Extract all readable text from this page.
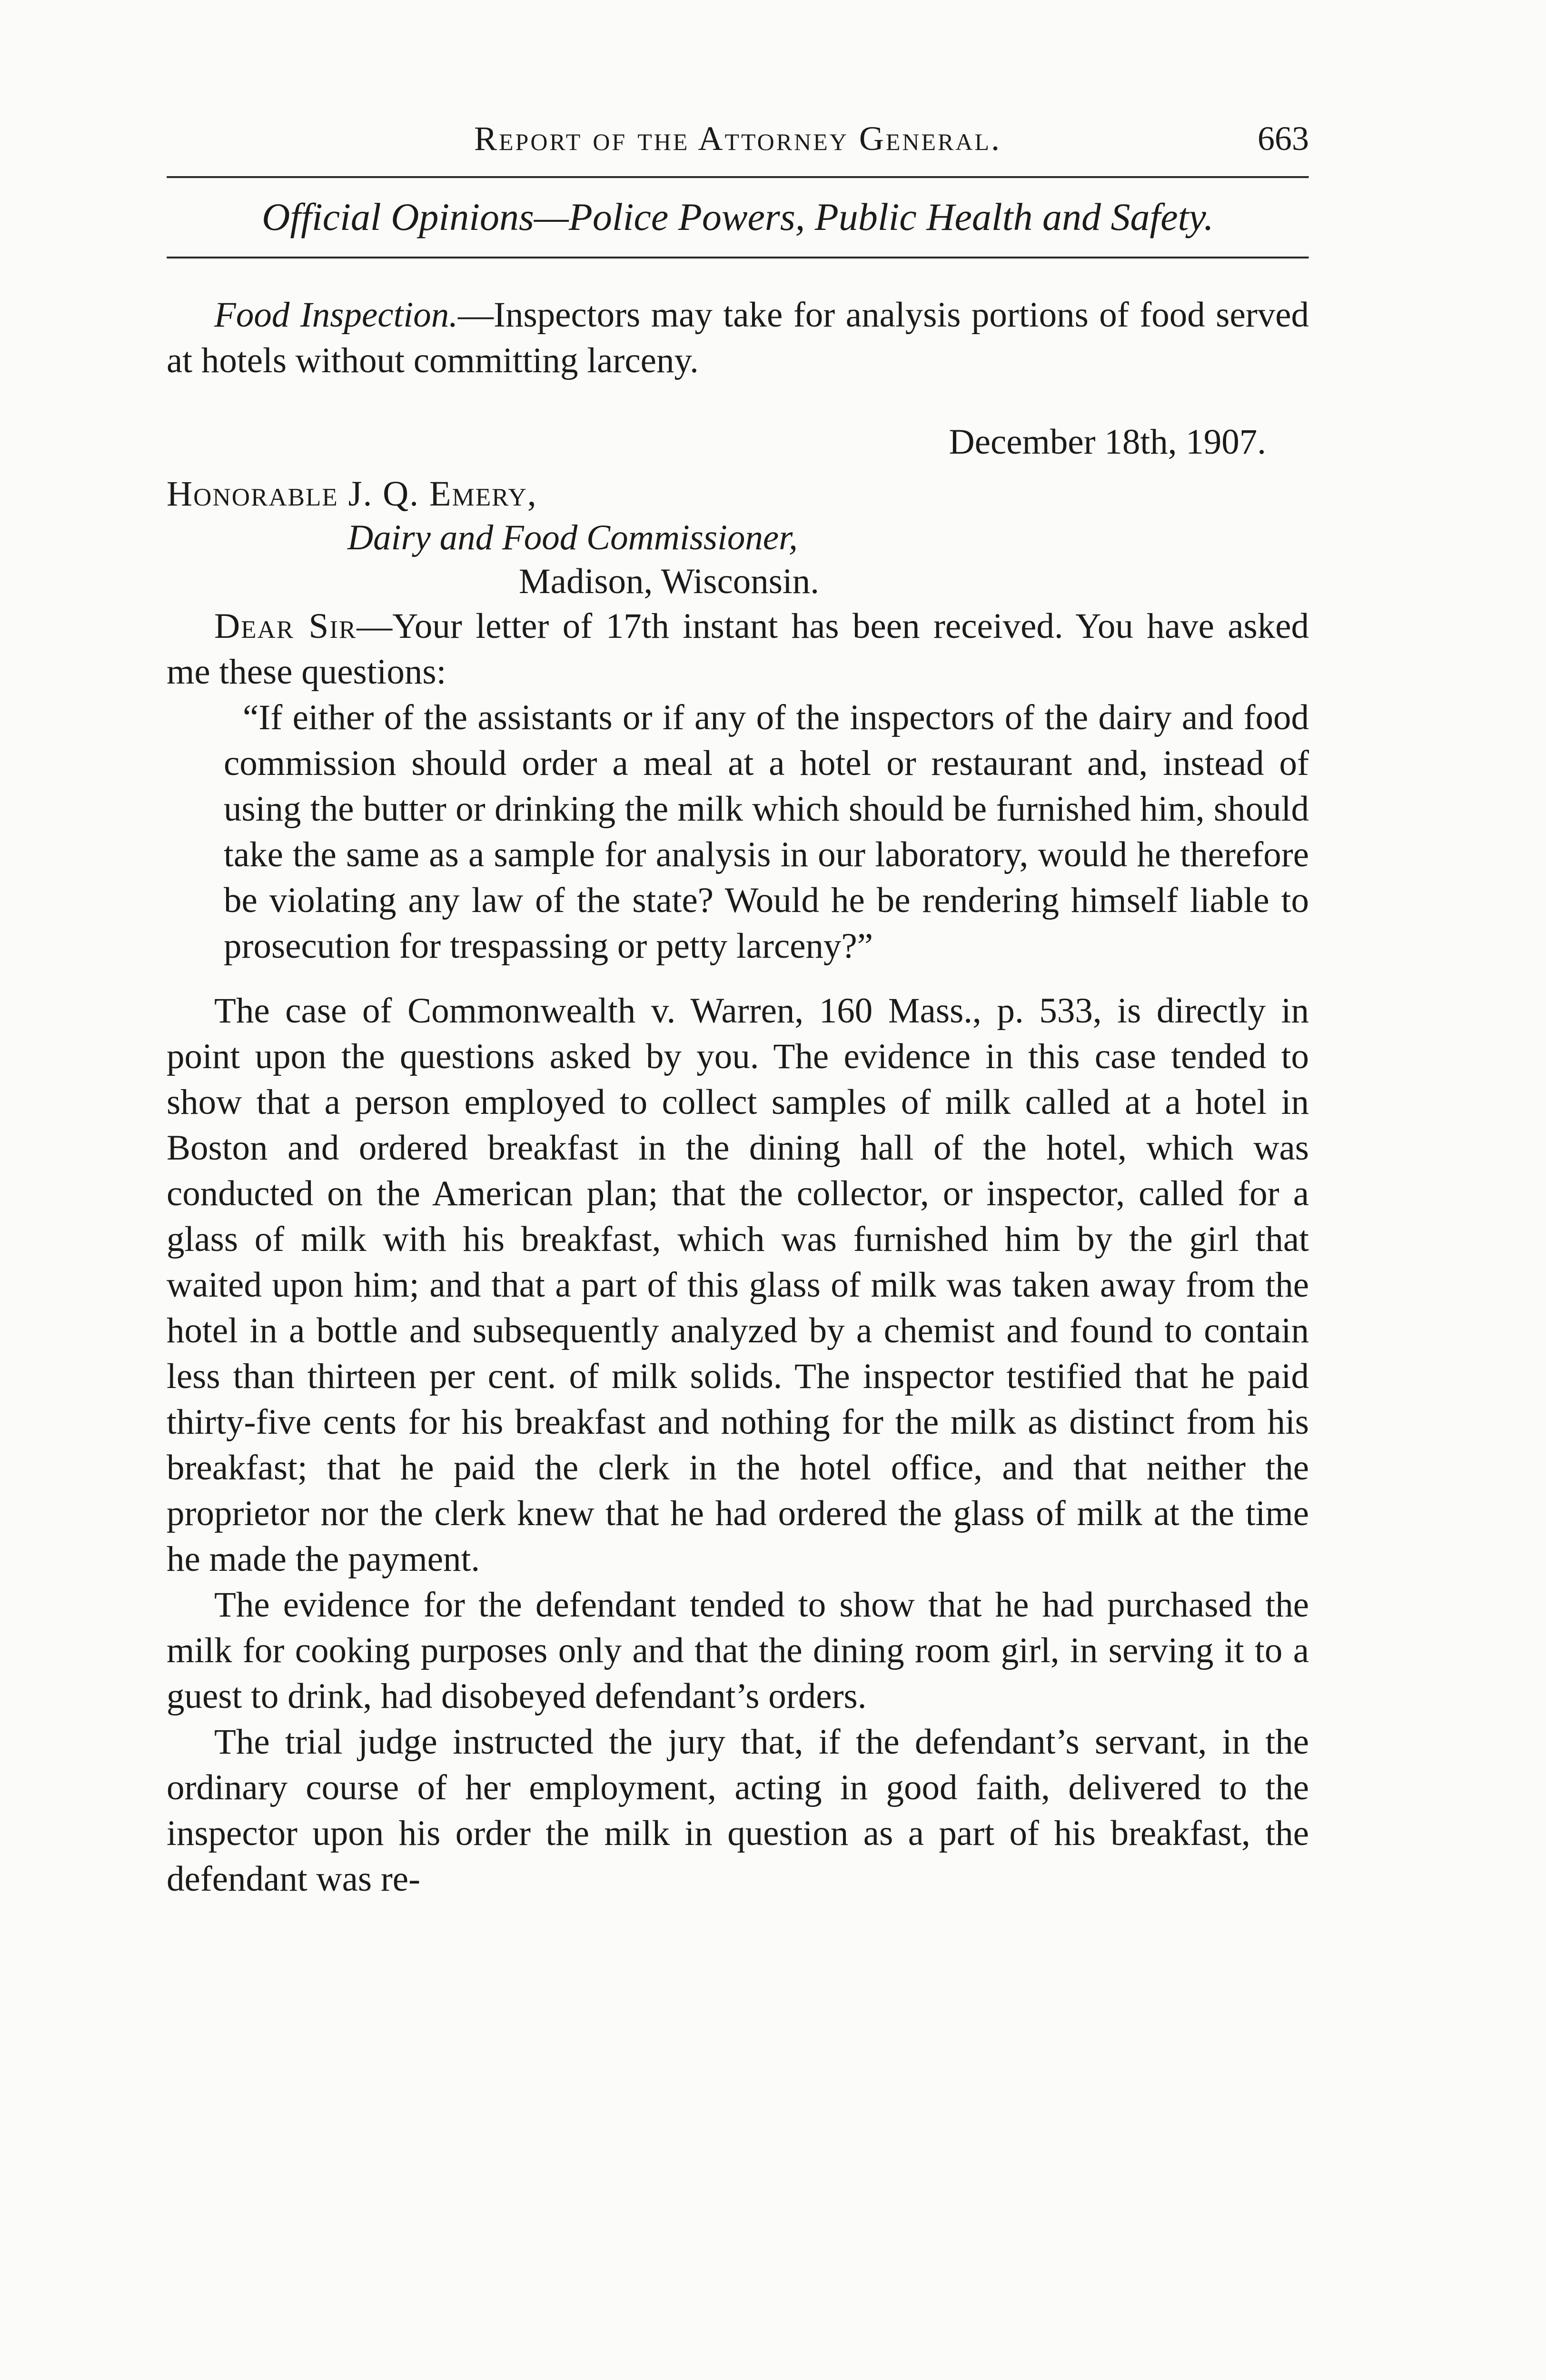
Report of the Attorney General.	663
Official Opinions—Police Powers, Public Health and Safety.

Food Inspection.—Inspectors may take for analysis portions of food served at hotels without committing larceny.

December 18th, 1907.
Honorable J. Q. Emery,
Dairy and Food Commissioner,
Madison, Wisconsin.

Dear Sir—Your letter of 17th instant has been received. You have asked me these questions:

“If either of the assistants or if any of the inspectors of the dairy and food commission should order a meal at a hotel or restaurant and, instead of using the butter or drinking the milk which should be furnished him, should take the same as a sample for analysis in our laboratory, would he therefore be violating any law of the state? Would he be rendering himself liable to prosecution for trespassing or petty larceny?”

The case of Commonwealth v. Warren, 160 Mass., p. 533, is directly in point upon the questions asked by you. The evidence in this case tended to show that a person employed to collect samples of milk called at a hotel in Boston and ordered breakfast in the dining hall of the hotel, which was conducted on the American plan; that the collector, or inspector, called for a glass of milk with his breakfast, which was furnished him by the girl that waited upon him; and that a part of this glass of milk was taken away from the hotel in a bottle and subsequently analyzed by a chemist and found to contain less than thirteen per cent. of milk solids. The inspector testified that he paid thirty-five cents for his breakfast and nothing for the milk as distinct from his breakfast; that he paid the clerk in the hotel office, and that neither the proprietor nor the clerk knew that he had ordered the glass of milk at the time he made the payment.

The evidence for the defendant tended to show that he had purchased the milk for cooking purposes only and that the dining room girl, in serving it to a guest to drink, had disobeyed defendant’s orders.

The trial judge instructed the jury that, if the defendant’s servant, in the ordinary course of her employment, acting in good faith, delivered to the inspector upon his order the milk in question as a part of his breakfast, the defendant was re-
